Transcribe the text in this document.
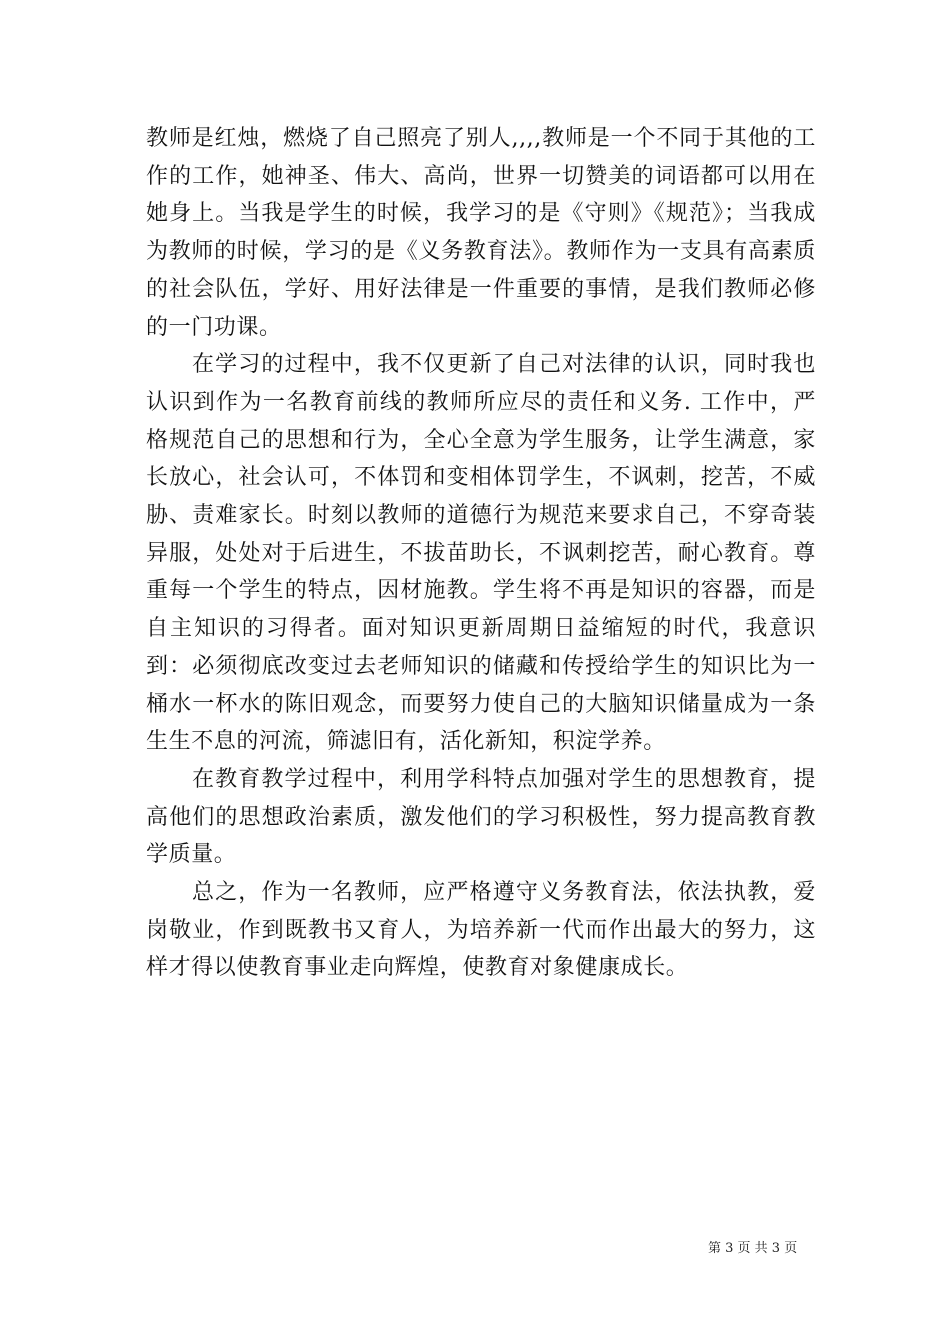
教师是红烛，燃烧了自己照亮了别人,,,,教师是一个不同于其他的工作的工作，她神圣、伟大、高尚，世界一切赞美的词语都可以用在她身上。当我是学生的时候，我学习的是《守则》《规范》；当我成为教师的时候，学习的是《义务教育法》。教师作为一支具有高素质的社会队伍，学好、用好法律是一件重要的事情，是我们教师必修的一门功课。

在学习的过程中，我不仅更新了自己对法律的认识，同时我也认识到作为一名教育前线的教师所应尽的责任和义务. 工作中，严格规范自己的思想和行为，全心全意为学生服务，让学生满意，家长放心，社会认可，不体罚和变相体罚学生，不讽刺，挖苦，不威胁、责难家长。时刻以教师的道德行为规范来要求自己，不穿奇装异服，处处对于后进生，不拔苗助长，不讽刺挖苦，耐心教育。尊重每一个学生的特点，因材施教。学生将不再是知识的容器，而是自主知识的习得者。面对知识更新周期日益缩短的时代，我意识到：必须彻底改变过去老师知识的储藏和传授给学生的知识比为一桶水一杯水的陈旧观念，而要努力使自己的大脑知识储量成为一条生生不息的河流，筛滤旧有，活化新知，积淀学养。

在教育教学过程中，利用学科特点加强对学生的思想教育，提高他们的思想政治素质，激发他们的学习积极性，努力提高教育教学质量。

总之，作为一名教师，应严格遵守义务教育法，依法执教，爱岗敬业，作到既教书又育人，为培养新一代而作出最大的努力，这样才得以使教育事业走向辉煌，使教育对象健康成长。

第 3 页 共 3 页
